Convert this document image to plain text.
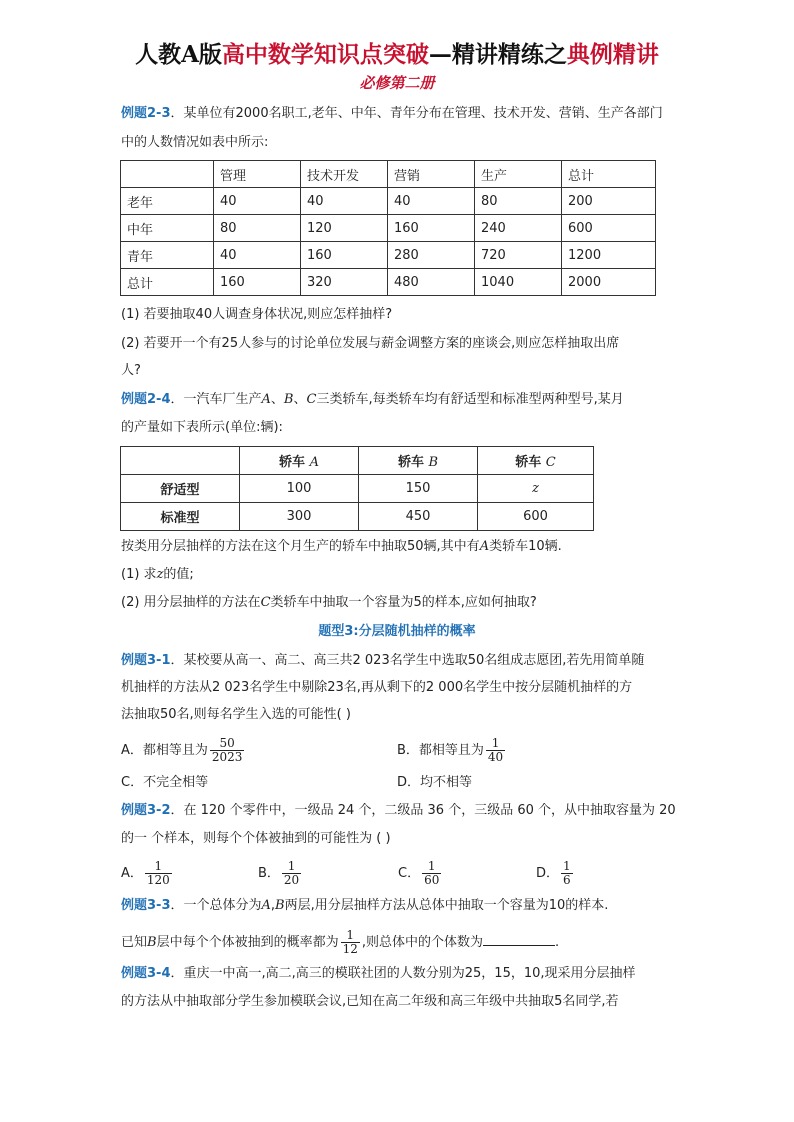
人教A版高中数学知识点突破—精讲精练之典例精讲
必修第二册
例题2-3．某单位有2000名职工,老年、中年、青年分布在管理、技术开发、营销、生产各部门
中的人数情况如表中所示:
	管理	技术开发	营销	生产	总计
老年	40	40	40	80	200
中年	80	120	160	240	600
青年	40	160	280	720	1200
总计	160	320	480	1040	2000
(1) 若要抽取40人调查身体状况,则应怎样抽样?
(2) 若要开一个有25人参与的讨论单位发展与薪金调整方案的座谈会,则应怎样抽取出席
人?
例题2-4．一汽车厂生产A、B、C三类轿车,每类轿车均有舒适型和标准型两种型号,某月
的产量如下表所示(单位:辆):
	轿车 A	轿车 B	轿车 C
舒适型	100	150	z
标准型	300	450	600
按类用分层抽样的方法在这个月生产的轿车中抽取50辆,其中有A类轿车10辆.
(1) 求z的值;
(2) 用分层抽样的方法在C类轿车中抽取一个容量为5的样本,应如何抽取?
题型3:分层随机抽样的概率
例题3-1．某校要从高一、高二、高三共2 023名学生中选取50名组成志愿团,若先用简单随
机抽样的方法从2 023名学生中剔除23名,再从剩下的2 000名学生中按分层随机抽样的方
法抽取50名,则每名学生入选的可能性( )
A．都相等且为 $\frac{50}{2023}$	B．都相等且为 $\frac{1}{40}$
C．不完全相等	D．均不相等
例题3-2．在 120 个零件中，一级品 24 个，二级品 36 个，三级品 60 个，从中抽取容量为 20
的一 个样本，则每个个体被抽到的可能性为 ( )
A． $\frac{1}{120}$	B． $\frac{1}{20}$	C． $\frac{1}{60}$	D． $\frac{1}{6}$
例题3-3．一个总体分为A,B两层,用分层抽样方法从总体中抽取一个容量为10的样本.
已知B层中每个个体被抽到的概率都为 $\frac{1}{12}$ ,则总体中的个体数为	.
例题3-4．重庆一中高一,高二,高三的模联社团的人数分别为25，15，10,现采用分层抽样
的方法从中抽取部分学生参加模联会议,已知在高二年级和高三年级中共抽取5名同学,若
